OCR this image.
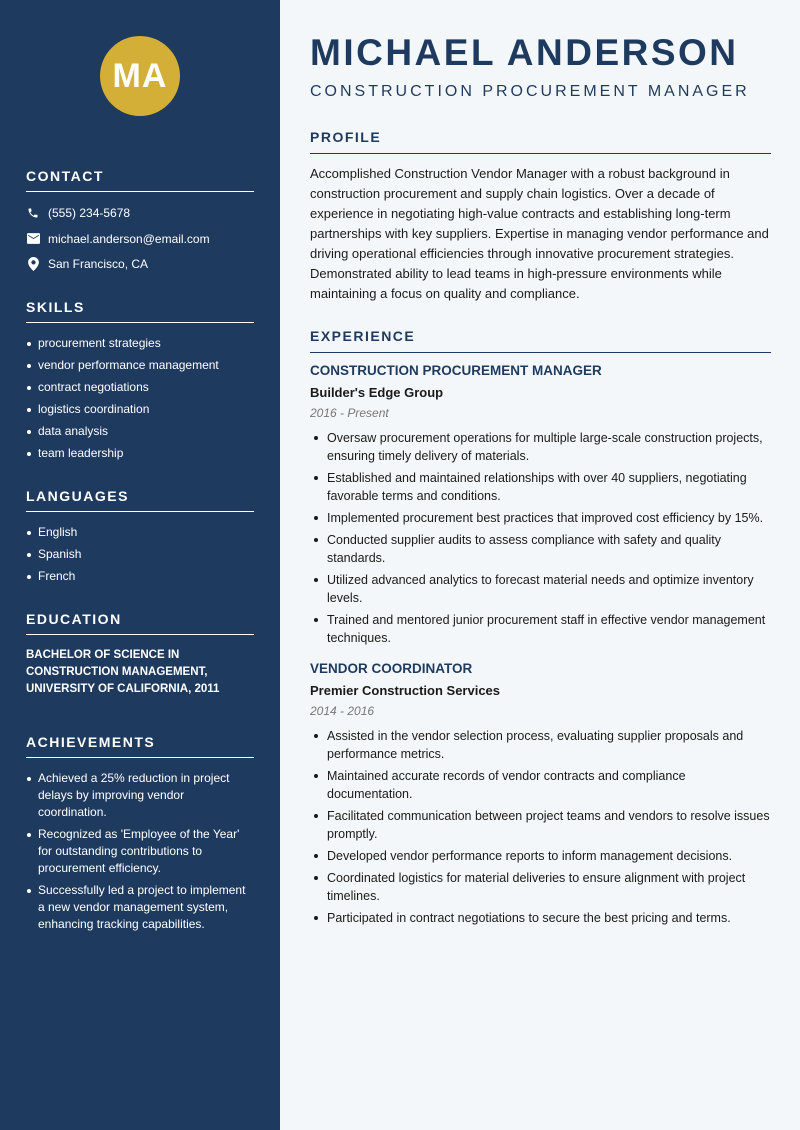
MA
CONTACT
(555) 234-5678
michael.anderson@email.com
San Francisco, CA
SKILLS
procurement strategies
vendor performance management
contract negotiations
logistics coordination
data analysis
team leadership
LANGUAGES
English
Spanish
French
EDUCATION

BACHELOR OF SCIENCE IN CONSTRUCTION MANAGEMENT, UNIVERSITY OF CALIFORNIA, 2011

ACHIEVEMENTS
Achieved a 25% reduction in project delays by improving vendor coordination.
Recognized as 'Employee of the Year' for outstanding contributions to procurement efficiency.
Successfully led a project to implement a new vendor management system, enhancing tracking capabilities.
MICHAEL ANDERSON
CONSTRUCTION PROCUREMENT MANAGER
PROFILE

Accomplished Construction Vendor Manager with a robust background in construction procurement and supply chain logistics. Over a decade of experience in negotiating high-value contracts and establishing long-term partnerships with key suppliers. Expertise in managing vendor performance and driving operational efficiencies through innovative procurement strategies. Demonstrated ability to lead teams in high-pressure environments while maintaining a focus on quality and compliance.

EXPERIENCE
CONSTRUCTION PROCUREMENT MANAGER
Builder's Edge Group
2016 - Present
Oversaw procurement operations for multiple large-scale construction projects, ensuring timely delivery of materials.
Established and maintained relationships with over 40 suppliers, negotiating favorable terms and conditions.
Implemented procurement best practices that improved cost efficiency by 15%.
Conducted supplier audits to assess compliance with safety and quality standards.
Utilized advanced analytics to forecast material needs and optimize inventory levels.
Trained and mentored junior procurement staff in effective vendor management techniques.
VENDOR COORDINATOR
Premier Construction Services
2014 - 2016
Assisted in the vendor selection process, evaluating supplier proposals and performance metrics.
Maintained accurate records of vendor contracts and compliance documentation.
Facilitated communication between project teams and vendors to resolve issues promptly.
Developed vendor performance reports to inform management decisions.
Coordinated logistics for material deliveries to ensure alignment with project timelines.
Participated in contract negotiations to secure the best pricing and terms.
